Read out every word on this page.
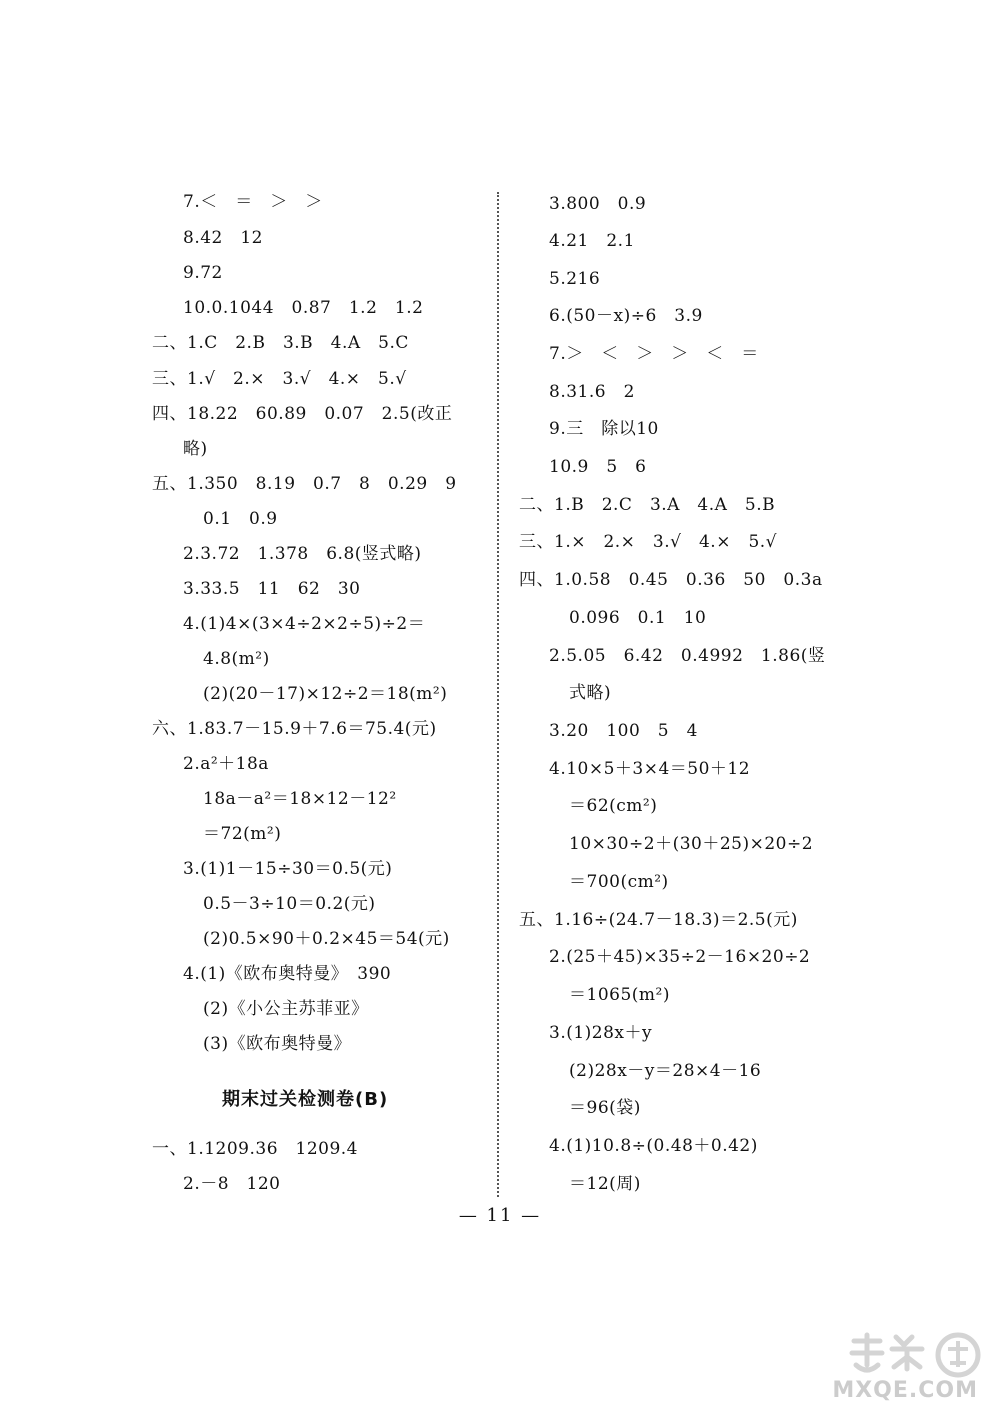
7.＜　＝　＞　＞
8.42　12
9.72
10.0.1044　0.87　1.2　1.2
二、1.C　2.B　3.B　4.A　5.C
三、1.√　2.×　3.√　4.×　5.√
四、18.22　60.89　0.07　2.5(改正
略)
五、1.350　8.19　0.7　8　0.29　9
0.1　0.9
2.3.72　1.378　6.8(竖式略)
3.33.5　11　62　30
4.(1)4×(3×4÷2×2÷5)÷2＝
4.8(m²)
(2)(20－17)×12÷2＝18(m²)
六、1.83.7－15.9＋7.6＝75.4(元)
2.a²＋18a
18a－a²＝18×12－12²
＝72(m²)
3.(1)1－15÷30＝0.5(元)
0.5－3÷10＝0.2(元)
(2)0.5×90＋0.2×45＝54(元)
4.(1)《欧布奥特曼》　390
(2)《小公主苏菲亚》
(3)《欧布奥特曼》
期末过关检测卷(B)
一、1.1209.36　1209.4
2.－8　120
3.800　0.9
4.21　2.1
5.216
6.(50－x)÷6　3.9
7.＞　＜　＞　＞　＜　＝
8.31.6　2
9.三　除以10
10.9　5　6
二、1.B　2.C　3.A　4.A　5.B
三、1.×　2.×　3.√　4.×　5.√
四、1.0.58　0.45　0.36　50　0.3a
0.096　0.1　10
2.5.05　6.42　0.4992　1.86(竖
式略)
3.20　100　5　4
4.10×5＋3×4＝50＋12
＝62(cm²)
10×30÷2＋(30＋25)×20÷2
＝700(cm²)
五、1.16÷(24.7－18.3)＝2.5(元)
2.(25＋45)×35÷2－16×20÷2
＝1065(m²)
3.(1)28x＋y
(2)28x－y＝28×4－16
＝96(袋)
4.(1)10.8÷(0.48＋0.42)
＝12(周)
— 11 —
MXQE.COM
